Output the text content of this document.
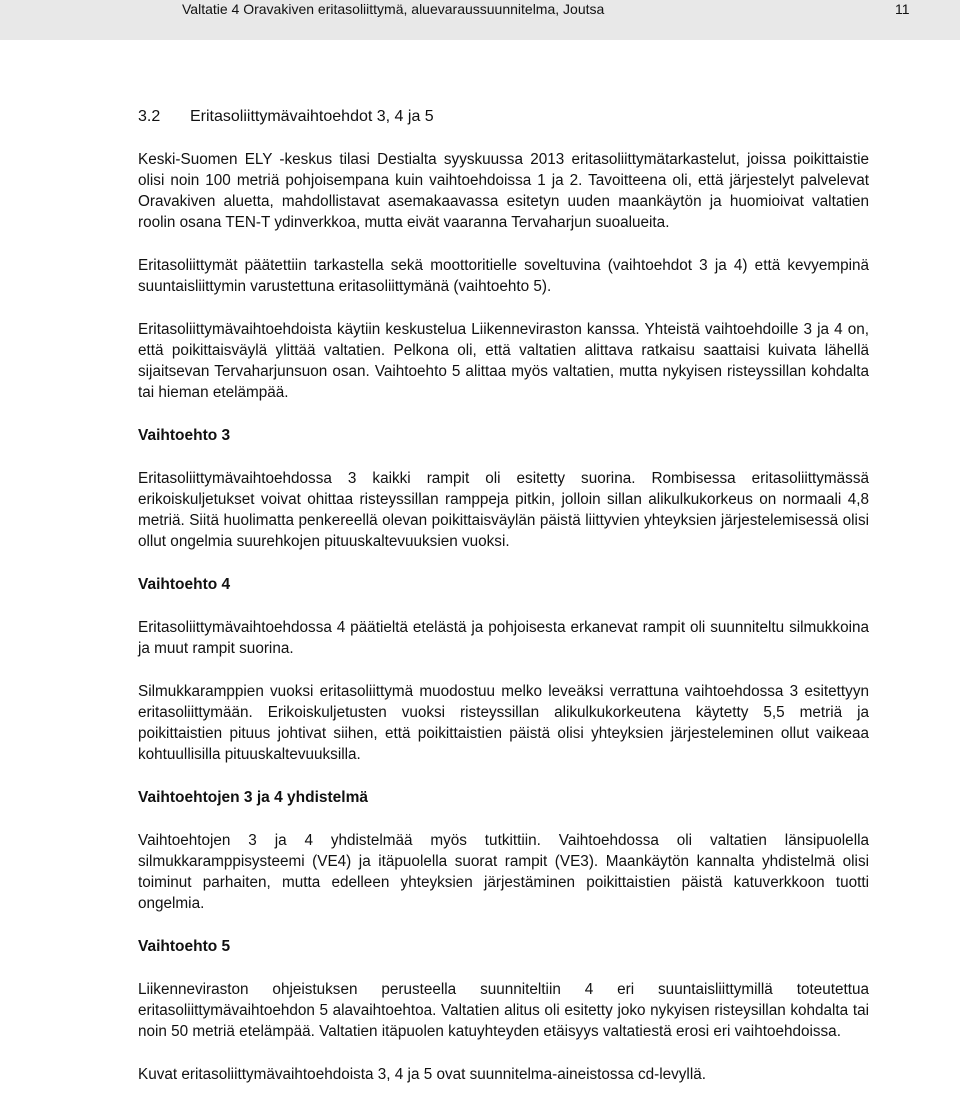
Valtatie 4 Oravakiven eritasoliittymä, aluevaraussuunnitelma, Joutsa	11
3.2 Eritasoliittymävaihtoehdot 3, 4 ja 5

Keski-Suomen ELY -keskus tilasi Destialta syyskuussa 2013 eritasoliittymätarkastelut, joissa poikittaistie olisi noin 100 metriä pohjoisempana kuin vaihtoehdoissa 1 ja 2. Tavoitteena oli, että järjestelyt palvelevat Oravakiven aluetta, mahdollistavat asemakaavassa esitetyn uuden maankäytön ja huomioivat valtatien roolin osana TEN-T ydinverkkoa, mutta eivät vaaranna Tervaharjun suoalueita.

Eritasoliittymät päätettiin tarkastella sekä moottoritielle soveltuvina (vaihtoehdot 3 ja 4) että kevyempinä suuntaisliittymin varustettuna eritasoliittymänä (vaihtoehto 5).

Eritasoliittymävaihtoehdoista käytiin keskustelua Liikenneviraston kanssa. Yhteistä vaihtoehdoille 3 ja 4 on, että poikittaisväylä ylittää valtatien. Pelkona oli, että valtatien alittava ratkaisu saattaisi kuivata lähellä sijaitsevan Tervaharjunsuon osan. Vaihtoehto 5 alittaa myös valtatien, mutta nykyisen risteyssillan kohdalta tai hieman etelämpää.

Vaihtoehto 3

Eritasoliittymävaihtoehdossa 3 kaikki rampit oli esitetty suorina. Rombisessa eritasoliittymässä erikoiskuljetukset voivat ohittaa risteyssillan ramppeja pitkin, jolloin sillan alikulkukorkeus on normaali 4,8 metriä. Siitä huolimatta penkereellä olevan poikittaisväylän päistä liittyvien yhteyksien järjestelemisessä olisi ollut ongelmia suurehkojen pituuskaltevuuksien vuoksi.

Vaihtoehto 4

Eritasoliittymävaihtoehdossa 4 päätieltä etelästä ja pohjoisesta erkanevat rampit oli suunniteltu silmukkoina ja muut rampit suorina.

Silmukkaramppien vuoksi eritasoliittymä muodostuu melko leveäksi verrattuna vaihtoehdossa 3 esitettyyn eritasoliittymään. Erikoiskuljetusten vuoksi risteyssillan alikulkukorkeutena käytetty 5,5 metriä ja poikittaistien pituus johtivat siihen, että poikittaistien päistä olisi yhteyksien järjesteleminen ollut vaikeaa kohtuullisilla pituuskaltevuuksilla.

Vaihtoehtojen 3 ja 4 yhdistelmä

Vaihtoehtojen 3 ja 4 yhdistelmää myös tutkittiin. Vaihtoehdossa oli valtatien länsipuolella silmukkaramppisysteemi (VE4) ja itäpuolella suorat rampit (VE3). Maankäytön kannalta yhdistelmä olisi toiminut parhaiten, mutta edelleen yhteyksien järjestäminen poikittaistien päistä katuverkkoon tuotti ongelmia.

Vaihtoehto 5

Liikenneviraston ohjeistuksen perusteella suunniteltiin 4 eri suuntaisliittymillä toteutettua eritasoliittymävaihtoehdon 5 alavaihtoehtoa. Valtatien alitus oli esitetty joko nykyisen risteysillan kohdalta tai noin 50 metriä etelämpää. Valtatien itäpuolen katuyhteyden etäisyys valtatiestä erosi eri vaihtoehdoissa.

Kuvat eritasoliittymävaihtoehdoista 3, 4 ja 5 ovat suunnitelma-aineistossa cd-levyllä.
